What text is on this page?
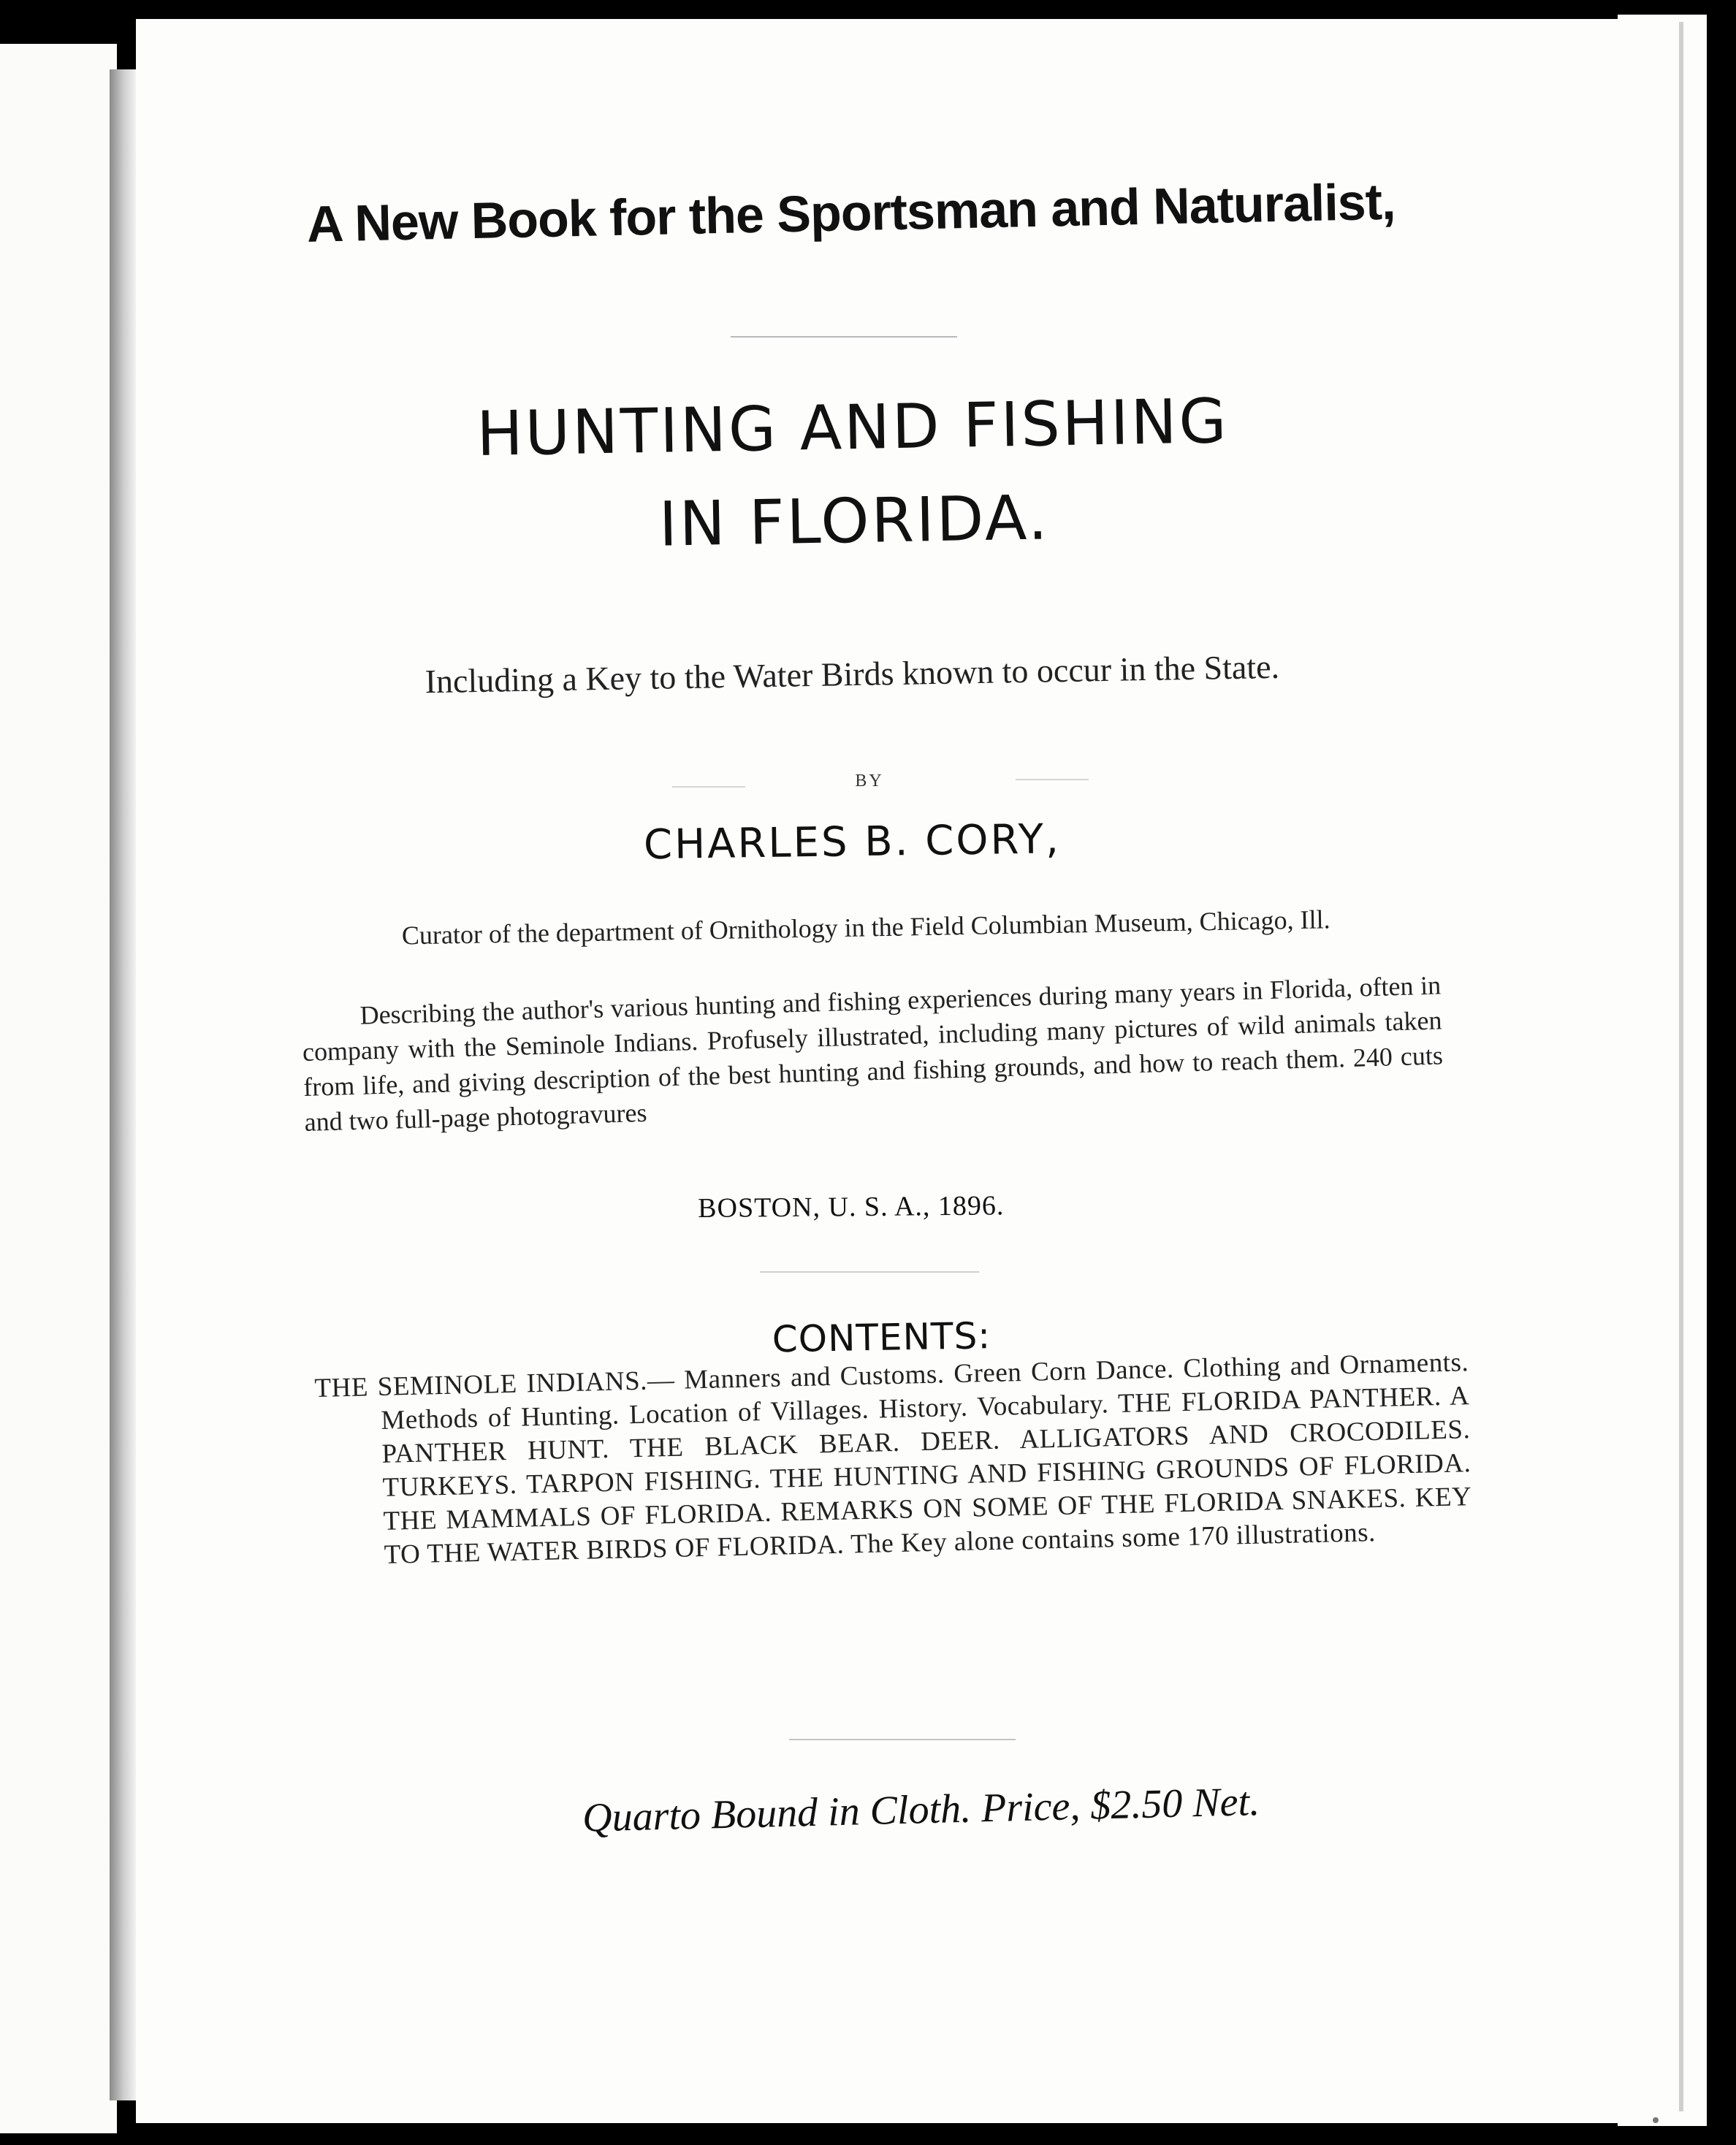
A New Book for the Sportsman and Naturalist,
HUNTING AND FISHING
IN FLORIDA.
Including a Key to the Water Birds known to occur in the State.
BY
CHARLES B. CORY,
Curator of the department of Ornithology in the Field Columbian Museum, Chicago, Ill.

Describing the author's various hunting and fishing experiences during many years in Florida, often in company with the Seminole Indians. Profusely illustrated, including many pictures of wild animals taken from life, and giving description of the best hunting and fishing grounds, and how to reach them. 240 cuts and two full-page photogravures

BOSTON, U. S. A., 1896.
CONTENTS:
THE SEMINOLE INDIANS.— Manners and Customs. Green Corn Dance. Clothing and Ornaments. Methods of Hunting. Location of Villages. History. Vocabulary. THE FLORIDA PANTHER. A PANTHER HUNT. THE BLACK BEAR. DEER. ALLIGATORS AND CROCODILES. TURKEYS. TARPON FISHING. THE HUNTING AND FISHING GROUNDS OF FLORIDA. THE MAMMALS OF FLORIDA. REMARKS ON SOME OF THE FLORIDA SNAKES. KEY TO THE WATER BIRDS OF FLORIDA. The Key alone contains some 170 illustrations.
Quarto Bound in Cloth. Price, $2.50 Net.
